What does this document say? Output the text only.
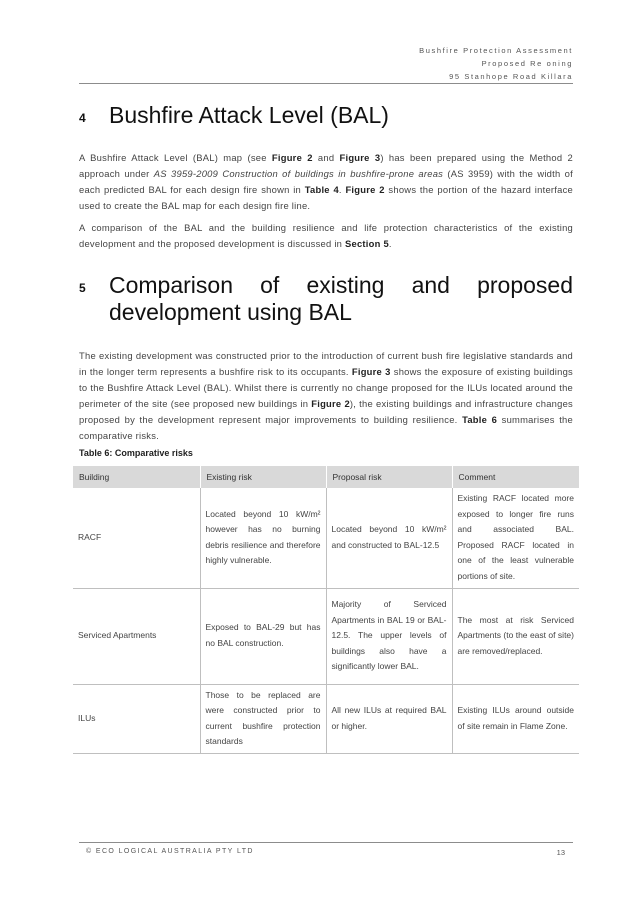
Bushfire Protection Assessment
Proposed Re oning
95 Stanhope Road Killara
4	Bushfire Attack Level (BAL)

A Bushfire Attack Level (BAL) map (see Figure 2 and Figure 3) has been prepared using the Method 2 approach under AS 3959-2009 Construction of buildings in bushfire-prone areas (AS 3959) with the width of each predicted BAL for each design fire shown in Table 4. Figure 2 shows the portion of the hazard interface used to create the BAL map for each design fire line.

A comparison of the BAL and the building resilience and life protection characteristics of the existing development and the proposed development is discussed in Section 5.

5	Comparison of existing and proposed
development using BAL

The existing development was constructed prior to the introduction of current bush fire legislative standards and in the longer term represents a bushfire risk to its occupants. Figure 3 shows the exposure of existing buildings to the Bushfire Attack Level (BAL). Whilst there is currently no change proposed for the ILUs located around the perimeter of the site (see proposed new buildings in Figure 2), the existing buildings and infrastructure changes proposed by the development represent major improvements to building resilience. Table 6 summarises the comparative risks.

Table 6: Comparative risks
Building	Existing risk	Proposal risk	Comment
RACF	Located beyond 10 kW/m² however has no burning debris resilience and therefore highly vulnerable.	Located beyond 10 kW/m² and constructed to BAL-12.5	Existing RACF located more exposed to longer fire runs and associated BAL. Proposed RACF located in one of the least vulnerable portions of site.
Serviced Apartments	Exposed to BAL-29 but has no BAL construction.	Majority of Serviced Apartments in BAL 19 or BAL-12.5. The upper levels of buildings also have a significantly lower BAL.	The most at risk Serviced Apartments (to the east of site) are removed/replaced.
ILUs	Those to be replaced are were constructed prior to current bushfire protection standards	All new ILUs at required BAL or higher.	Existing ILUs around outside of site remain in Flame Zone.
© ECO LOGICAL AUSTRALIA PTY LTD	13
